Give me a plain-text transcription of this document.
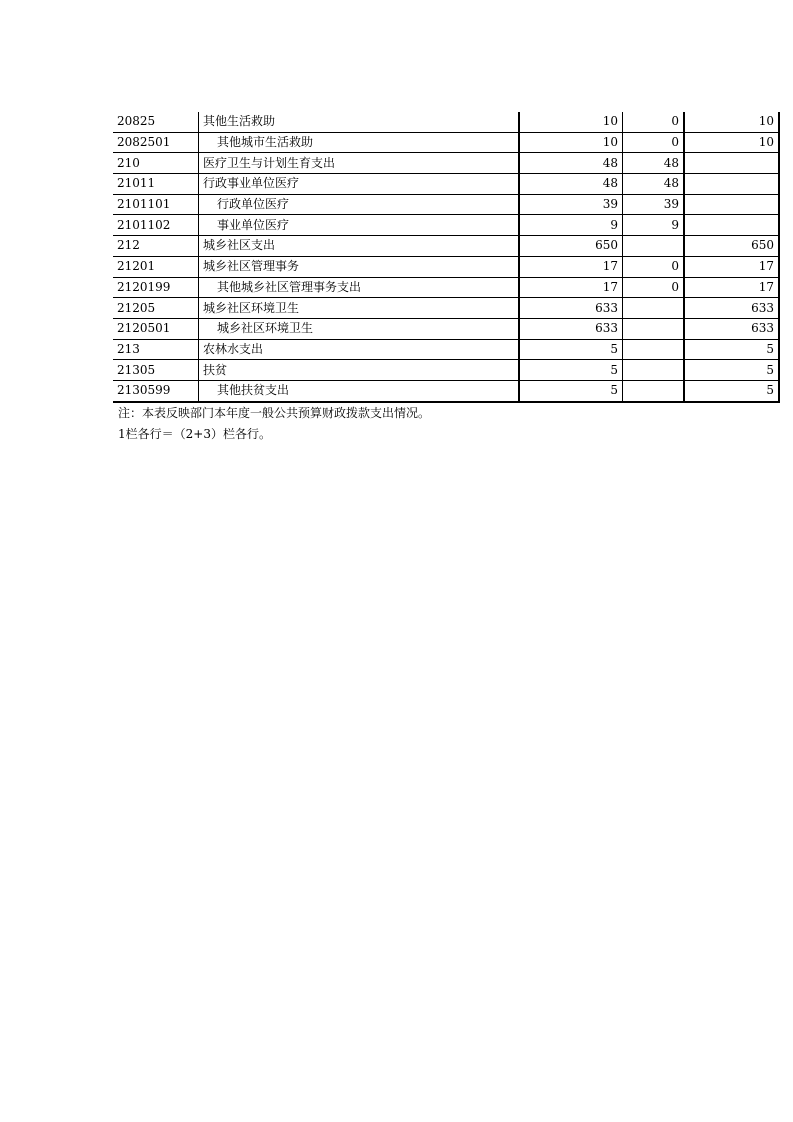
20825	其他生活救助	10	0	10
2082501	其他城市生活救助	10	0	10
210	医疗卫生与计划生育支出	48	48	
21011	行政事业单位医疗	48	48	
2101101	行政单位医疗	39	39	
2101102	事业单位医疗	9	9	
212	城乡社区支出	650		650
21201	城乡社区管理事务	17	0	17
2120199	其他城乡社区管理事务支出	17	0	17
21205	城乡社区环境卫生	633		633
2120501	城乡社区环境卫生	633		633
213	农林水支出	5		5
21305	扶贫	5		5
2130599	其他扶贫支出	5		5
注：本表反映部门本年度一般公共预算财政拨款支出情况。
1栏各行＝（2+3）栏各行。
